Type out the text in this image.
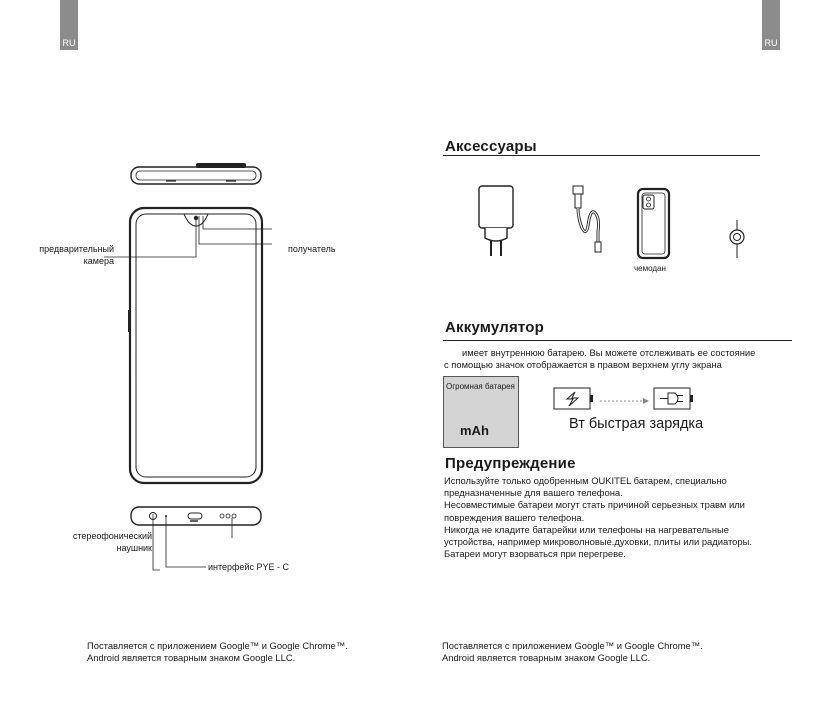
RU	RU
предварительный камера
получатель
стереофонический наушник
интерфейс PYE - C
Поставляется с приложением Google™ и Google Chrome™.
Android является товарным знаком Google LLC.
Аксессуары
чемодан
Аккумулятор
имеет внутреннюю батарею. Вы можете отслеживать ее состояние
с помощью значок отображается в правом верхнем углу экрана
Огромная батарея
mAh	Вт быстрая зарядка
Предупреждение
Используйте только одобренным OUKITEL батарем, специально
предназначенные для вашего телефона.
Несовместимые батареи могут стать причиной серьезных травм или
повреждения вашего телефона.
Никогда не кладите батарейки или телефоны на нагревательные
устройства, например микроволновые.духовки, плиты или радиаторы.
Батареи могут взорваться при перегреве.
Поставляется с приложением Google™ и Google Chrome™.
Android является товарным знаком Google LLC.
